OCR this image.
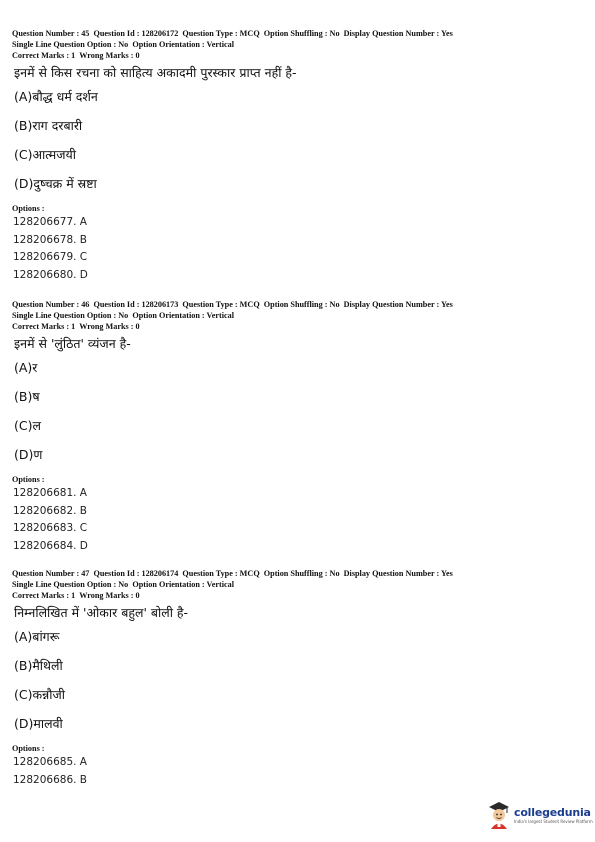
Question Number : 45  Question Id : 128206172  Question Type : MCQ  Option Shuffling : No  Display Question Number : Yes
Single Line Question Option : No  Option Orientation : Vertical
Correct Marks : 1  Wrong Marks : 0
इनमें से किस रचना को साहित्य अकादमी पुरस्कार प्राप्त नहीं है-
(A)बौद्ध धर्म दर्शन
(B)राग दरबारी
(C)आत्मजयी
(D)दुष्चक्र में स्रष्टा
Options :
128206677. A
128206678. B
128206679. C
128206680. D
Question Number : 46  Question Id : 128206173  Question Type : MCQ  Option Shuffling : No  Display Question Number : Yes
Single Line Question Option : No  Option Orientation : Vertical
Correct Marks : 1  Wrong Marks : 0
इनमें से 'लुंठित' व्यंजन है-
(A)र
(B)ष
(C)ल
(D)ण
Options :
128206681. A
128206682. B
128206683. C
128206684. D
Question Number : 47  Question Id : 128206174  Question Type : MCQ  Option Shuffling : No  Display Question Number : Yes
Single Line Question Option : No  Option Orientation : Vertical
Correct Marks : 1  Wrong Marks : 0
निम्नलिखित में 'ओकार बहुल' बोली है-
(A)बांगरू
(B)मैथिली
(C)कन्नौजी
(D)मालवी
Options :
128206685. A
128206686. B
collegedunia
India's largest Student Review Platform
